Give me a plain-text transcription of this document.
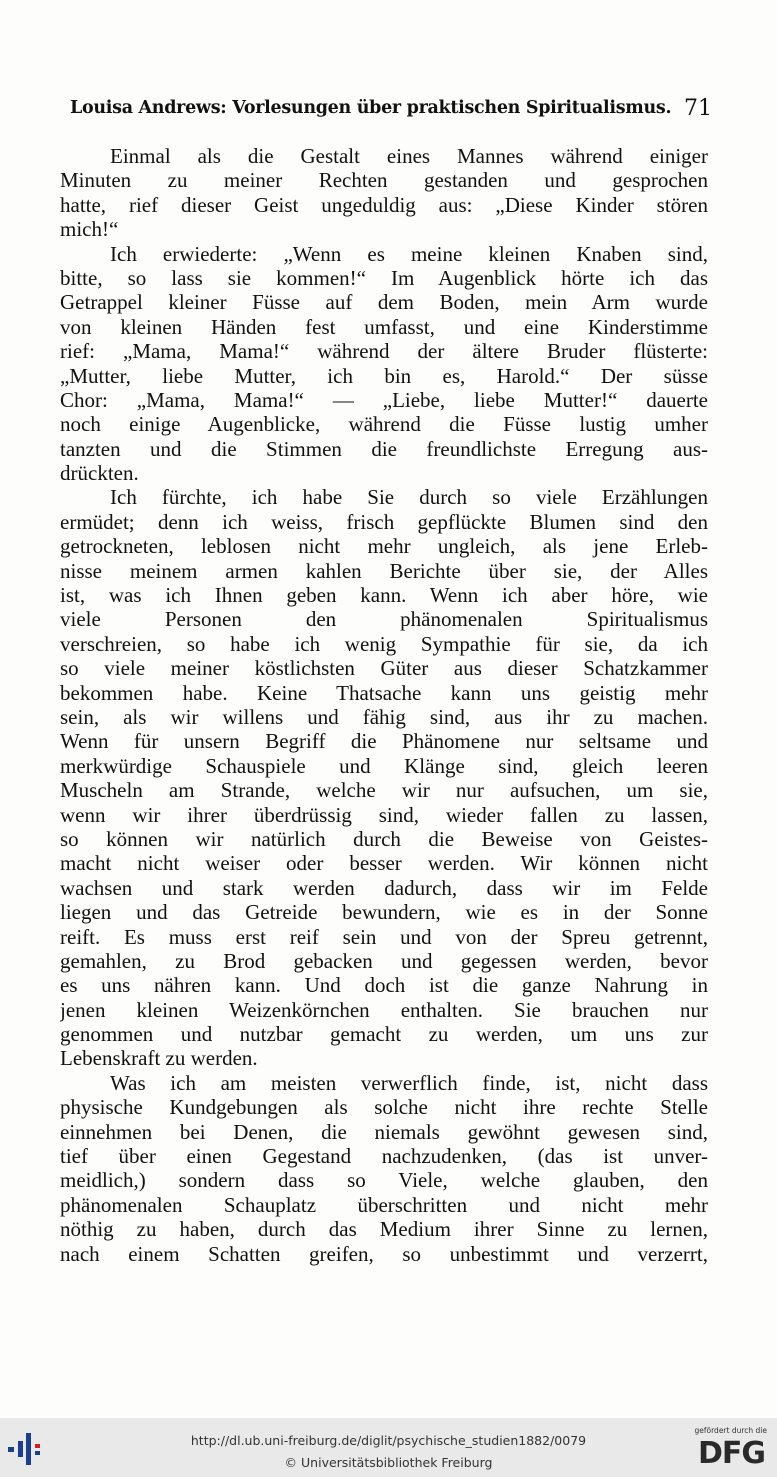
Louisa Andrews: Vorlesungen über praktischen Spiritualismus. 71
Einmal als die Gestalt eines Mannes während einiger
Minuten zu meiner Rechten gestanden und gesprochen
hatte, rief dieser Geist ungeduldig aus: „Diese Kinder stören
mich!“
Ich erwiederte: „Wenn es meine kleinen Knaben sind,
bitte, so lass sie kommen!“ Im Augenblick hörte ich das
Getrappel kleiner Füsse auf dem Boden, mein Arm wurde
von kleinen Händen fest umfasst, und eine Kinderstimme
rief: „Mama, Mama!“ während der ältere Bruder flüsterte:
„Mutter, liebe Mutter, ich bin es, Harold.“ Der süsse
Chor: „Mama, Mama!“ — „Liebe, liebe Mutter!“ dauerte
noch einige Augenblicke, während die Füsse lustig umher
tanzten und die Stimmen die freundlichste Erregung aus-
drückten.
Ich fürchte, ich habe Sie durch so viele Erzählungen
ermüdet; denn ich weiss, frisch gepflückte Blumen sind den
getrockneten, leblosen nicht mehr ungleich, als jene Erleb-
nisse meinem armen kahlen Berichte über sie, der Alles
ist, was ich Ihnen geben kann. Wenn ich aber höre, wie
viele Personen den phänomenalen Spiritualismus
verschreien, so habe ich wenig Sympathie für sie, da ich
so viele meiner köstlichsten Güter aus dieser Schatzkammer
bekommen habe. Keine Thatsache kann uns geistig mehr
sein, als wir willens und fähig sind, aus ihr zu machen.
Wenn für unsern Begriff die Phänomene nur seltsame und
merkwürdige Schauspiele und Klänge sind, gleich leeren
Muscheln am Strande, welche wir nur aufsuchen, um sie,
wenn wir ihrer überdrüssig sind, wieder fallen zu lassen,
so können wir natürlich durch die Beweise von Geistes-
macht nicht weiser oder besser werden. Wir können nicht
wachsen und stark werden dadurch, dass wir im Felde
liegen und das Getreide bewundern, wie es in der Sonne
reift. Es muss erst reif sein und von der Spreu getrennt,
gemahlen, zu Brod gebacken und gegessen werden, bevor
es uns nähren kann. Und doch ist die ganze Nahrung in
jenen kleinen Weizenkörnchen enthalten. Sie brauchen nur
genommen und nutzbar gemacht zu werden, um uns zur
Lebenskraft zu werden.
Was ich am meisten verwerflich finde, ist, nicht dass
physische Kundgebungen als solche nicht ihre rechte Stelle
einnehmen bei Denen, die niemals gewöhnt gewesen sind,
tief über einen Gegestand nachzudenken, (das ist unver-
meidlich,) sondern dass so Viele, welche glauben, den
phänomenalen Schauplatz überschritten und nicht mehr
nöthig zu haben, durch das Medium ihrer Sinne zu lernen,
nach einem Schatten greifen, so unbestimmt und verzerrt,
http://dl.ub.uni-freiburg.de/diglit/psychische_studien1882/0079
© Universitätsbibliothek Freiburg
gefördert durch die
DFG
